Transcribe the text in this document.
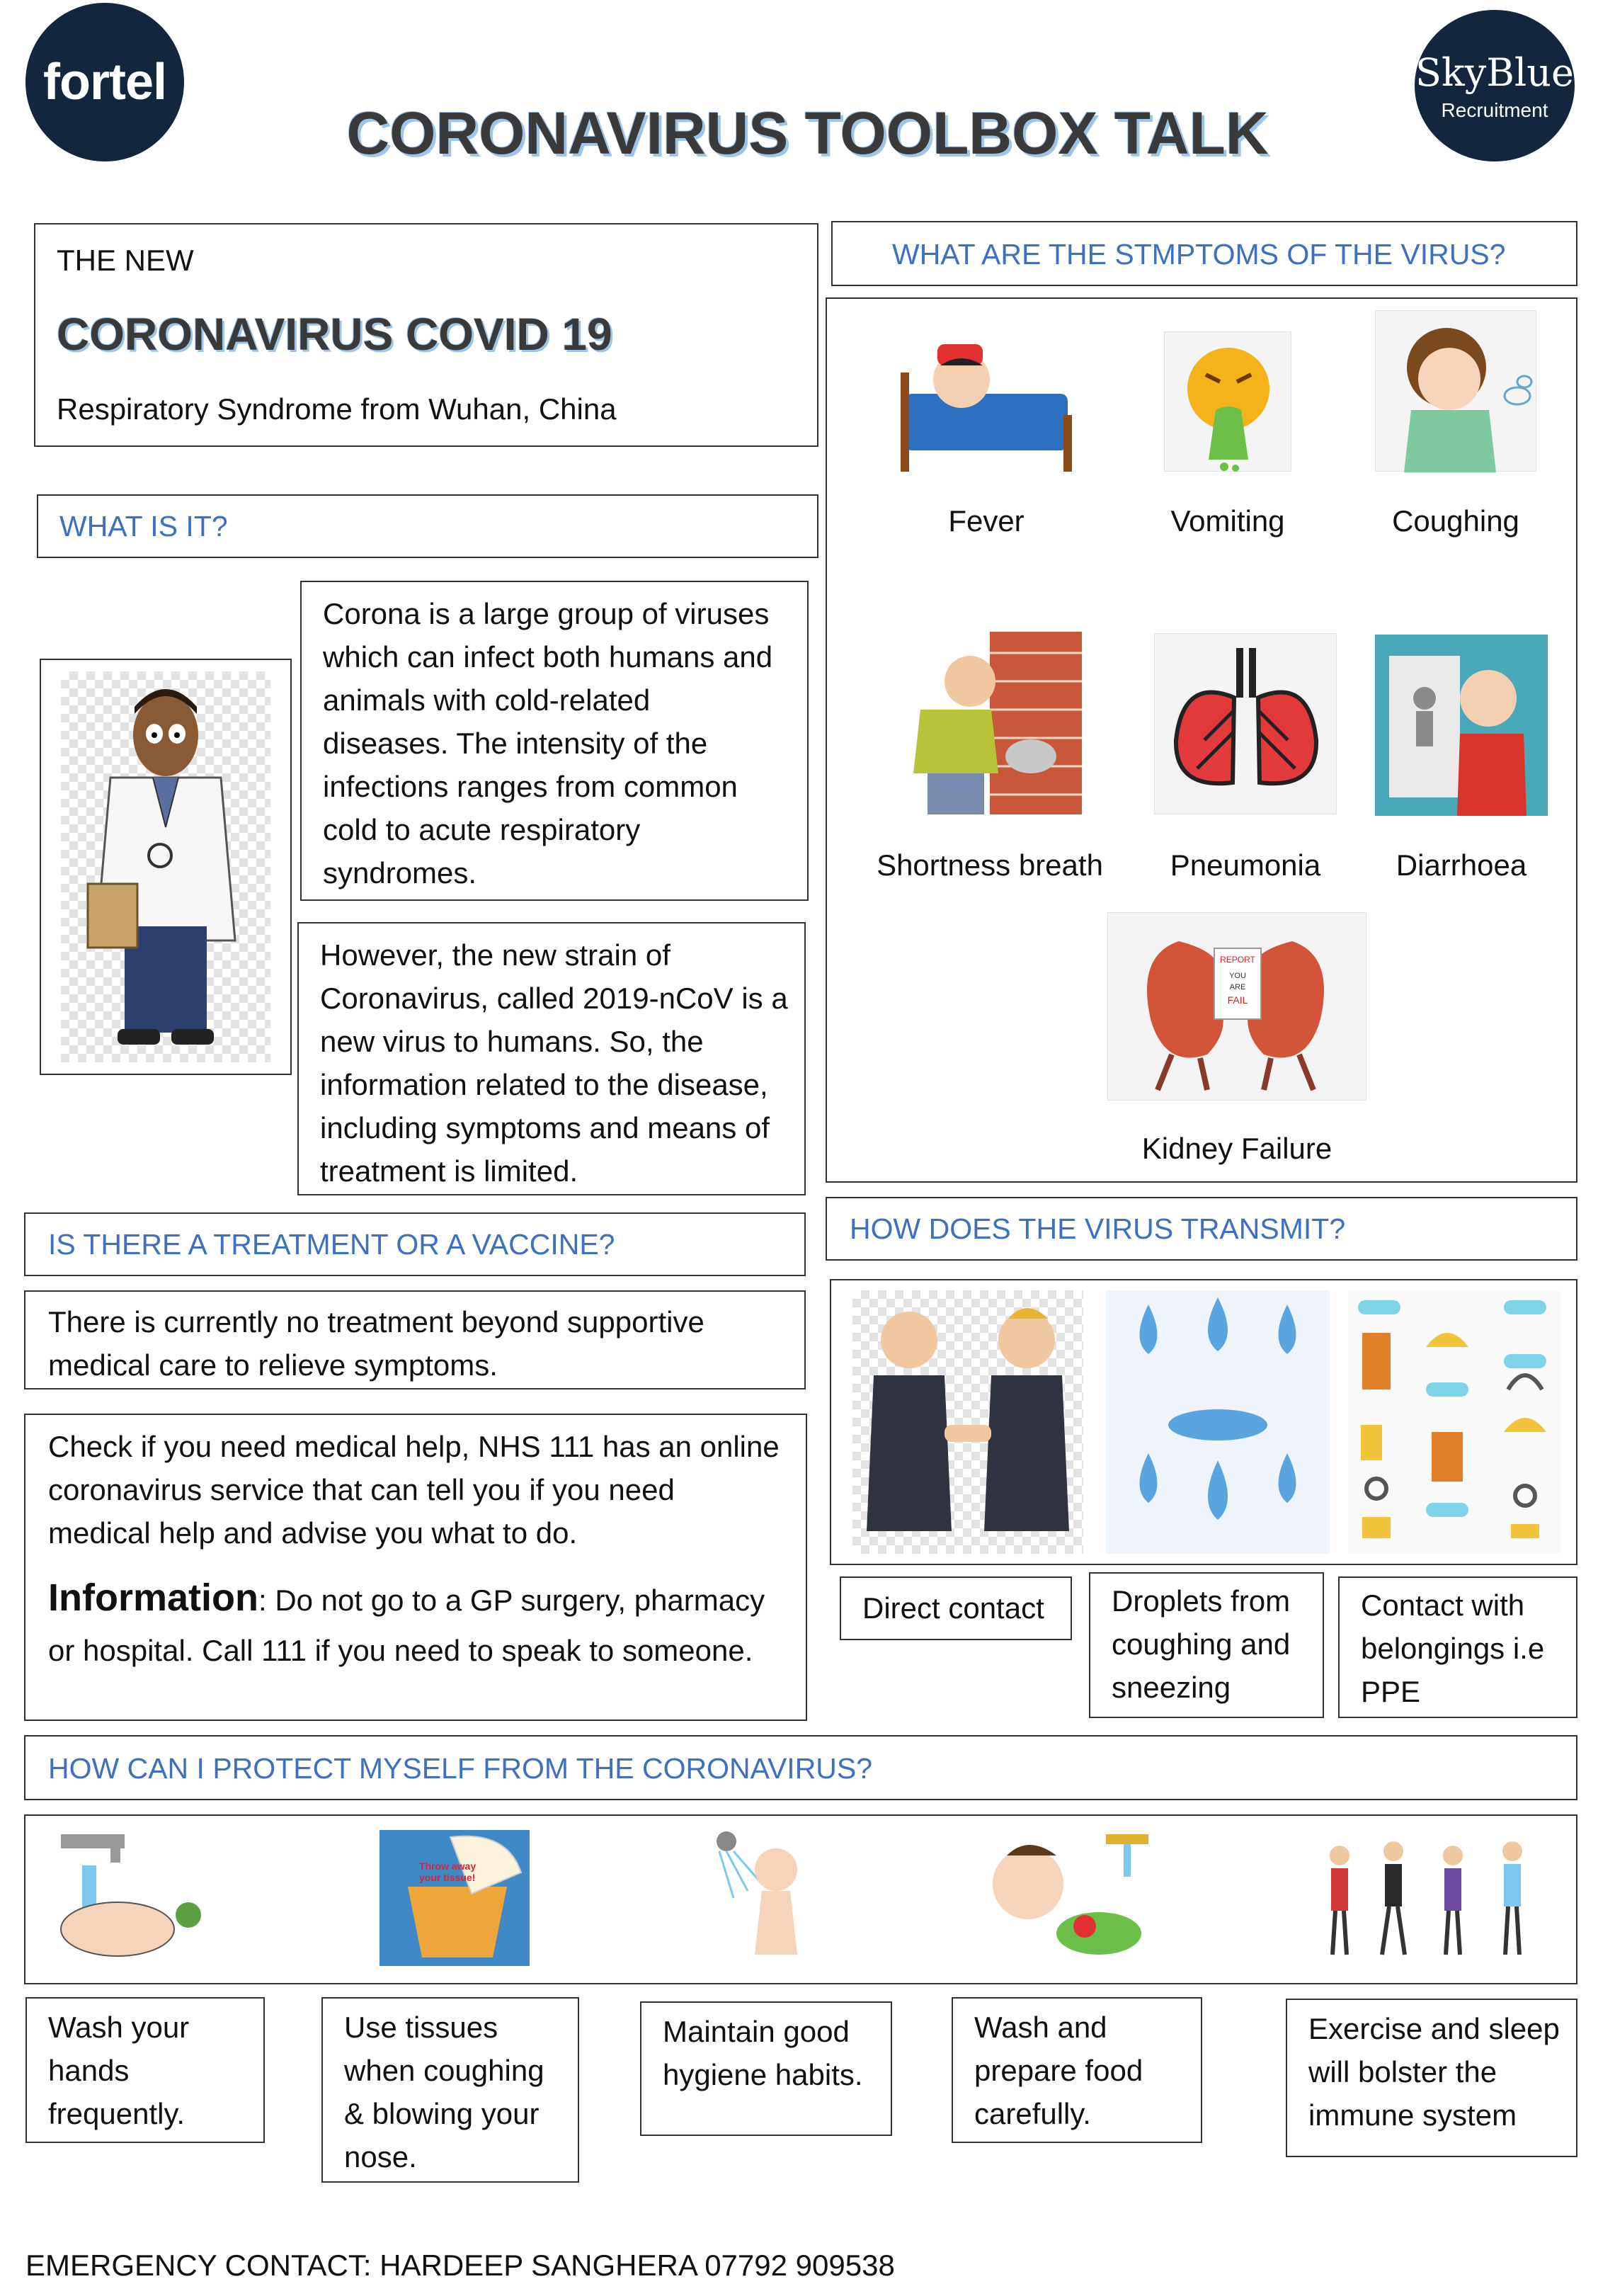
fortel	SkyBlue
Recruitment
CORONAVIRUS TOOLBOX TALK
THE NEW
CORONAVIRUS COVID 19
Respiratory Syndrome from Wuhan, China
WHAT IS IT?
Corona is a large group of viruses
which can infect both humans and
animals with cold-related
diseases. The intensity of the
infections ranges from common
cold to acute respiratory
syndromes.
However, the new strain of
Coronavirus, called 2019-nCoV is a
new virus to humans. So, the
information related to the disease,
including symptoms and means of
treatment is limited.
IS THERE A TREATMENT OR A VACCINE?
There is currently no treatment beyond supportive
medical care to relieve symptoms.
Check if you need medical help, NHS 111 has an online
coronavirus service that can tell you if you need
medical help and advise you what to do.
Information: Do not go to a GP surgery, pharmacy
or hospital. Call 111 if you need to speak to someone.
WHAT ARE THE STMPTOMS OF THE VIRUS?
Fever	Vomiting	Coughing
Shortness breath	Pneumonia	Diarrhoea
REPORT
YOU
ARE
FAIL
Kidney Failure
HOW DOES THE VIRUS TRANSMIT?
Direct contact Droplets from
coughing and
sneezing
Contact with
belongings i.e
PPE
HOW CAN I PROTECT MYSELF FROM THE CORONAVIRUS?
Throw away
your tissue!
Wash your
hands
frequently.
Use tissues
when coughing
& blowing your
nose.
Maintain good
hygiene habits.
Wash and
prepare food
carefully.
Exercise and sleep
will bolster the
immune system
EMERGENCY CONTACT: HARDEEP SANGHERA 07792 909538
